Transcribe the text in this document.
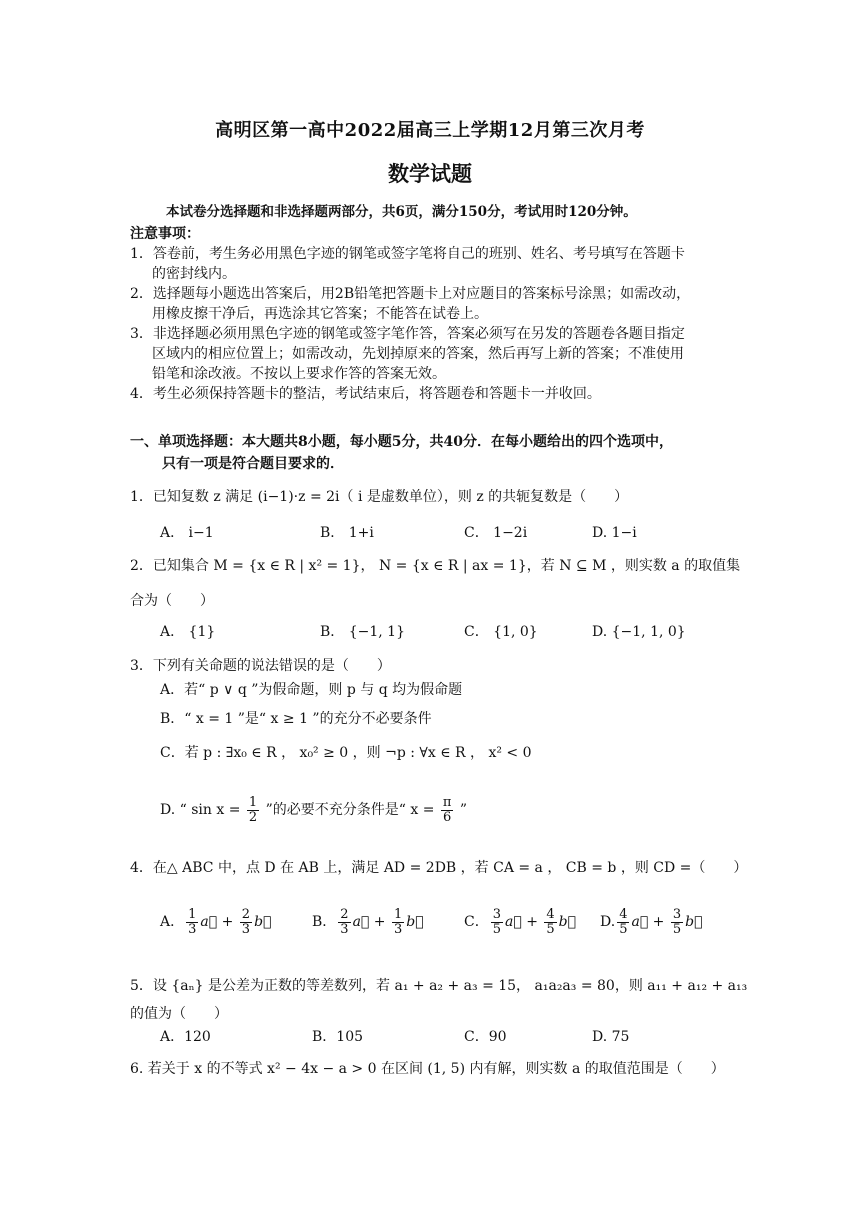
高明区第一高中2022届高三上学期12月第三次月考
数学试题
本试卷分选择题和非选择题两部分，共6页，满分150分，考试用时120分钟。
注意事项：
1．答卷前，考生务必用黑色字迹的钢笔或签字笔将自己的班别、姓名、考号填写在答题卡
的密封线内。
2．选择题每小题选出答案后，用2B铅笔把答题卡上对应题目的答案标号涂黑；如需改动，
用橡皮擦干净后，再选涂其它答案；不能答在试卷上。
3．非选择题必须用黑色字迹的钢笔或签字笔作答，答案必须写在另发的答题卷各题目指定
区域内的相应位置上；如需改动，先划掉原来的答案，然后再写上新的答案；不准使用
铅笔和涂改液。不按以上要求作答的答案无效。
4．考生必须保持答题卡的整洁，考试结束后，将答题卷和答题卡一并收回。
一、单项选择题：本大题共8小题，每小题5分，共40分．在每小题给出的四个选项中，
只有一项是符合题目要求的．
1．已知复数 z 满足 (i−1)·z = 2i（ i 是虚数单位），则 z 的共轭复数是（　　）
A． i−1	B． 1+i	C． 1−2i	D. 1−i
2．已知集合 M = {x ∈ R | x² = 1}， N = {x ∈ R | ax = 1}，若 N ⊆ M ，则实数 a 的取值集
合为（　　）
A． {1}	B． {−1, 1}	C． {1, 0}	D. {−1, 1, 0}
3．下列有关命题的说法错误的是（　　）
A．若“ p ∨ q ”为假命题，则 p 与 q 均为假命题
B．“ x = 1 ”是“ x ≥ 1 ”的充分不必要条件
C．若 p : ∃x₀ ∈ R ， x₀² ≥ 0 ，则 ¬p : ∀x ∈ R ， x² < 0
D. “ $\sin x = \frac{1}{2}$ ”的必要不充分条件是“ $x = \frac{\pi}{6}$ ”
4．在△ ABC 中，点 D 在 AB 上，满足 AD = 2DB ，若 CA = a ， CB = b ，则 CD =（　　）
A． $\frac{1}{3}$ a⃗ + $\frac{2}{3}$ b⃗	B． $\frac{2}{3}$ a⃗ + $\frac{1}{3}$ b⃗	C． $\frac{3}{5}$ a⃗ + $\frac{4}{5}$ b⃗ D. $\frac{4}{5}$ a⃗ + $\frac{3}{5}$ b⃗
5．设 {aₙ} 是公差为正数的等差数列，若 a₁ + a₂ + a₃ = 15， a₁a₂a₃ = 80，则 a₁₁ + a₁₂ + a₁₃
的值为（　　）
A．120	B．105	C．90	D. 75
6. 若关于 x 的不等式 x² − 4x − a > 0 在区间 (1, 5) 内有解，则实数 a 的取值范围是（　　）
